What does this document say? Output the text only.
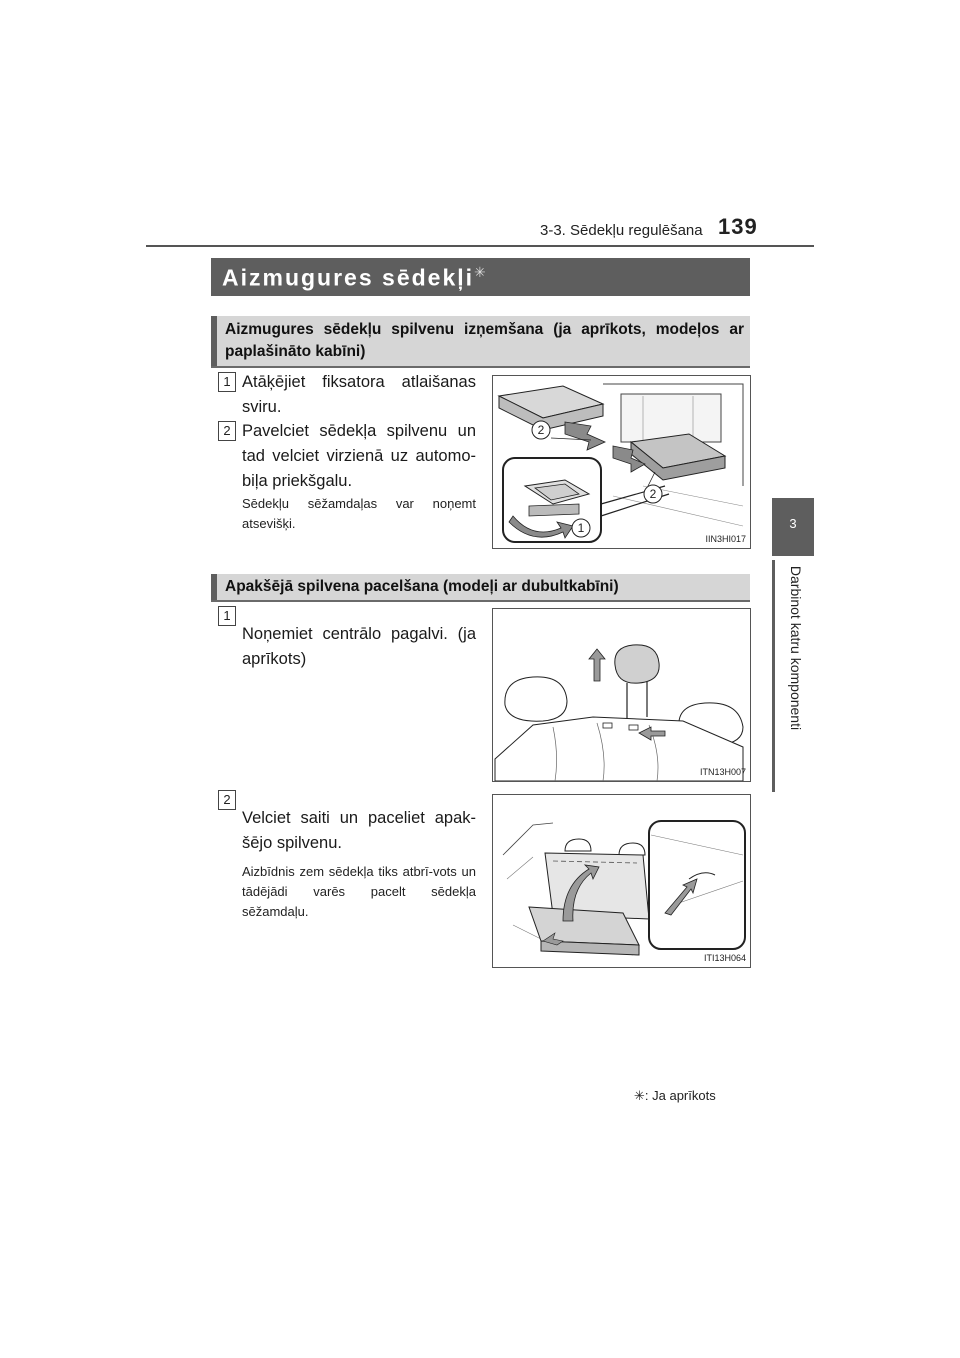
3-3. Sēdekļu regulēšana 139
3
Darbinot katru komponenti
Aizmugures sēdekļi✳
Aizmugures sēdekļu spilvenu izņemšana (ja aprīkots, modeļos ar paplašināto kabīni)
1 Atāķējiet fiksatora atlaišanas sviru.
2 Pavelciet sēdekļa spilvenu un tad velciet virzienā uz automo-biļa priekšgalu.
Sēdekļu sēžamdaļas var noņemt atsevišķi.
2
2
1
IIN3HI017
Apakšējā spilvena pacelšana (modeļi ar dubultkabīni)
1
Noņemiet centrālo pagalvi. (ja aprīkots)
ITN13H007
2
Velciet saiti un paceliet apak-šējo spilvenu.
Aizbīdnis zem sēdekļa tiks atbrī-vots un tādējādi varēs pacelt sēdekļa sēžamdaļu.
ITI13H064
✳: Ja aprīkots
